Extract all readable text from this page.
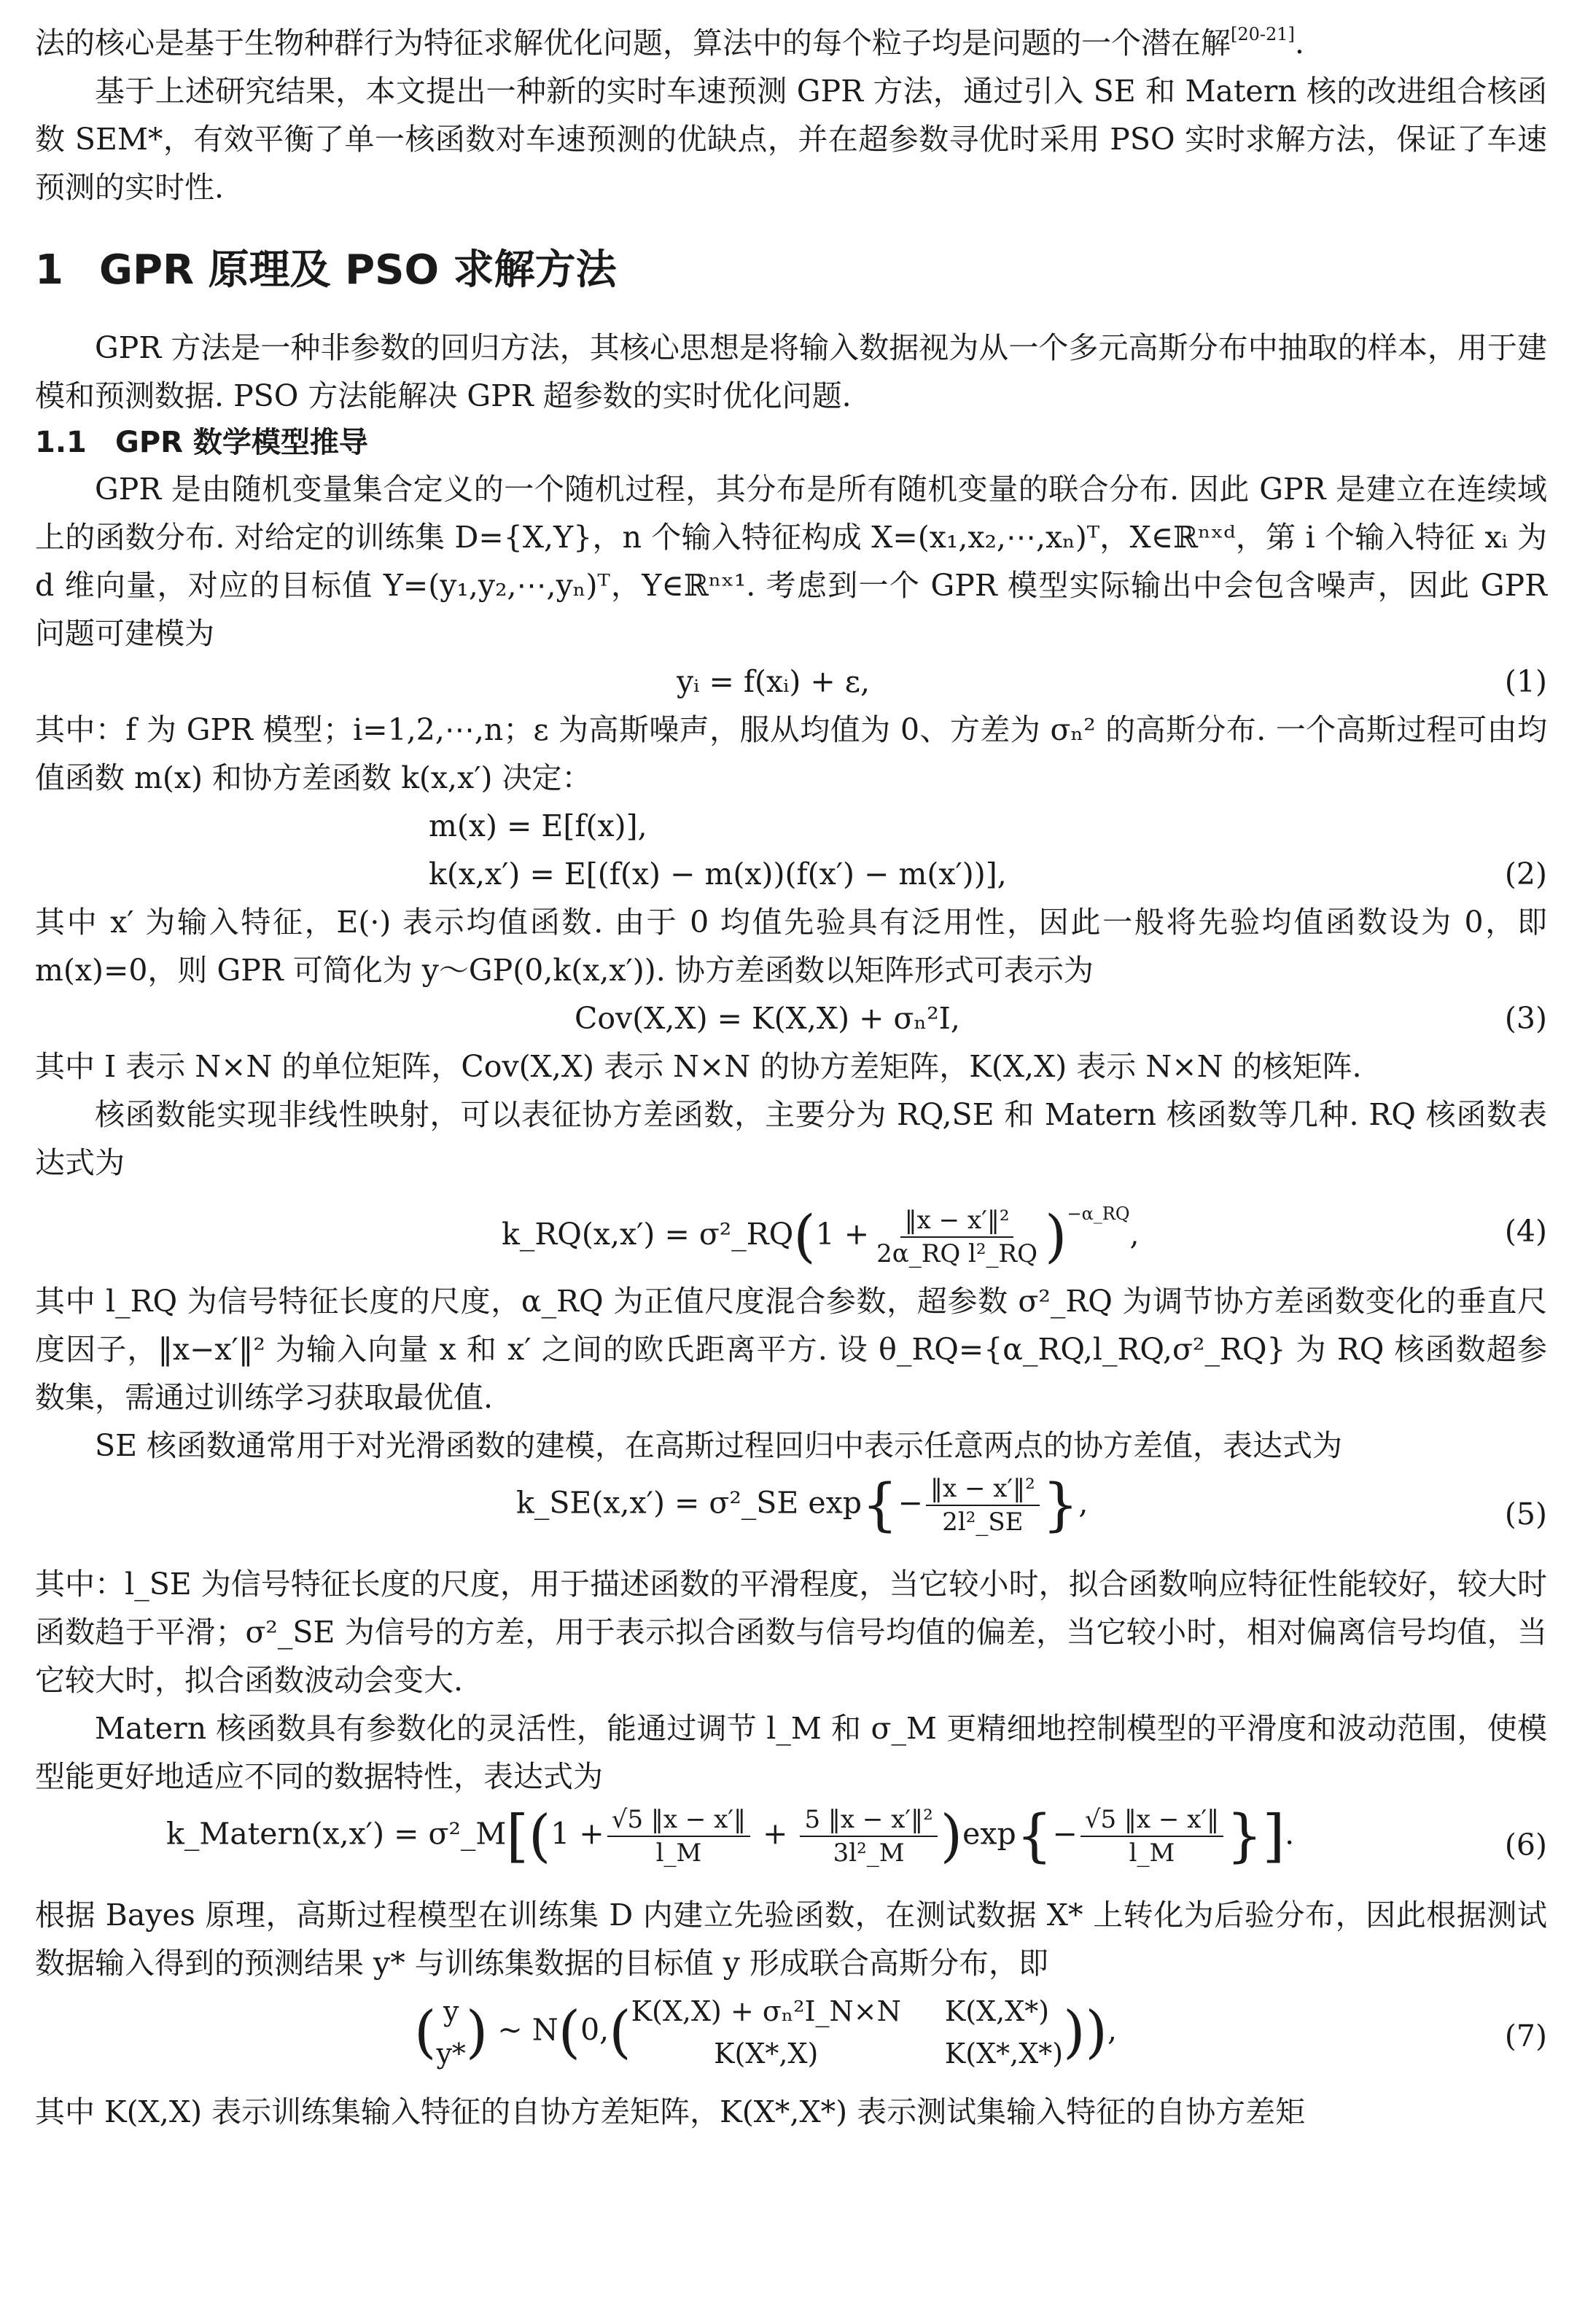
法的核心是基于生物种群行为特征求解优化问题，算法中的每个粒子均是问题的一个潜在解[20-21].

基于上述研究结果，本文提出一种新的实时车速预测 GPR 方法，通过引入 SE 和 Matern 核的改进组合核函数 SEM*，有效平衡了单一核函数对车速预测的优缺点，并在超参数寻优时采用 PSO 实时求解方法，保证了车速预测的实时性.

1 GPR 原理及 PSO 求解方法

GPR 方法是一种非参数的回归方法，其核心思想是将输入数据视为从一个多元高斯分布中抽取的样本，用于建模和预测数据. PSO 方法能解决 GPR 超参数的实时优化问题.

1.1 GPR 数学模型推导

GPR 是由随机变量集合定义的一个随机过程，其分布是所有随机变量的联合分布. 因此 GPR 是建立在连续域上的函数分布. 对给定的训练集 D={X,Y}，n 个输入特征构成 X=(x₁,x₂,⋯,xₙ)ᵀ，X∈ℝⁿˣᵈ，第 i 个输入特征 xᵢ 为 d 维向量，对应的目标值 Y=(y₁,y₂,⋯,yₙ)ᵀ，Y∈ℝⁿˣ¹. 考虑到一个 GPR 模型实际输出中会包含噪声，因此 GPR 问题可建模为

yᵢ = f(xᵢ) + ε,	(1)

其中：f 为 GPR 模型；i=1,2,⋯,n；ε 为高斯噪声，服从均值为 0、方差为 σₙ² 的高斯分布. 一个高斯过程可由均值函数 m(x) 和协方差函数 k(x,x′) 决定：

m(x) = E[f(x)],
k(x,x′) = E[(f(x) − m(x))(f(x′) − m(x′))],	(2)

其中 x′ 为输入特征，E(·) 表示均值函数. 由于 0 均值先验具有泛用性，因此一般将先验均值函数设为 0，即 m(x)=0，则 GPR 可简化为 y～GP(0,k(x,x′)). 协方差函数以矩阵形式可表示为

Cov(X,X) = K(X,X) + σₙ²I,	(3)

其中 I 表示 N×N 的单位矩阵，Cov(X,X) 表示 N×N 的协方差矩阵，K(X,X) 表示 N×N 的核矩阵.

核函数能实现非线性映射，可以表征协方差函数，主要分为 RQ,SE 和 Matern 核函数等几种. RQ 核函数表达式为

k_RQ(x,x′) = σ²_RQ(1 + $\frac{\text{‖x − x′‖²}}{\text{2α\_RQ l²\_RQ}} )^{-\alpha\_RQ}$,	(4)

其中 l_RQ 为信号特征长度的尺度，α_RQ 为正值尺度混合参数，超参数 σ²_RQ 为调节协方差函数变化的垂直尺度因子，‖x−x′‖² 为输入向量 x 和 x′ 之间的欧氏距离平方. 设 θ_RQ={α_RQ,l_RQ,σ²_RQ} 为 RQ 核函数超参数集，需通过训练学习获取最优值.

SE 核函数通常用于对光滑函数的建模，在高斯过程回归中表示任意两点的协方差值，表达式为

k_SE(x,x′) = σ²_SE $\exp\{- \frac{\text{‖x − x′‖²}}{\text{2l²\_SE}}$ },	(5)

其中：l_SE 为信号特征长度的尺度，用于描述函数的平滑程度，当它较小时，拟合函数响应特征性能较好，较大时函数趋于平滑；σ²_SE 为信号的方差，用于表示拟合函数与信号均值的偏差，当它较小时，相对偏离信号均值，当它较大时，拟合函数波动会变大.

Matern 核函数具有参数化的灵活性，能通过调节 l_M 和 σ_M 更精细地控制模型的平滑度和波动范围，使模型能更好地适应不同的数据特性，表达式为

k_Matern(x,x′) = σ²_M[(1 + $\frac{√5 ‖x - x'‖}{l\_M} + \frac{\text{5 ‖x − x′‖²}}{\text{3l²\_M}} )\exp\{- \frac{√5 ‖x - x'‖}{l\_M}$ }].	(6)

根据 Bayes 原理，高斯过程模型在训练集 D 内建立先验函数，在测试数据 X* 上转化为后验分布，因此根据测试数据输入得到的预测结果 y* 与训练集数据的目标值 y 形成联合高斯分布，即

( y
y* ) ~ N(0,( K(X,X) + σₙ²I_N×N K(X,X*)
K(X*,X)	K(X*,X*) )),	(7)

其中 K(X,X) 表示训练集输入特征的自协方差矩阵，K(X*,X*) 表示测试集输入特征的自协方差矩
